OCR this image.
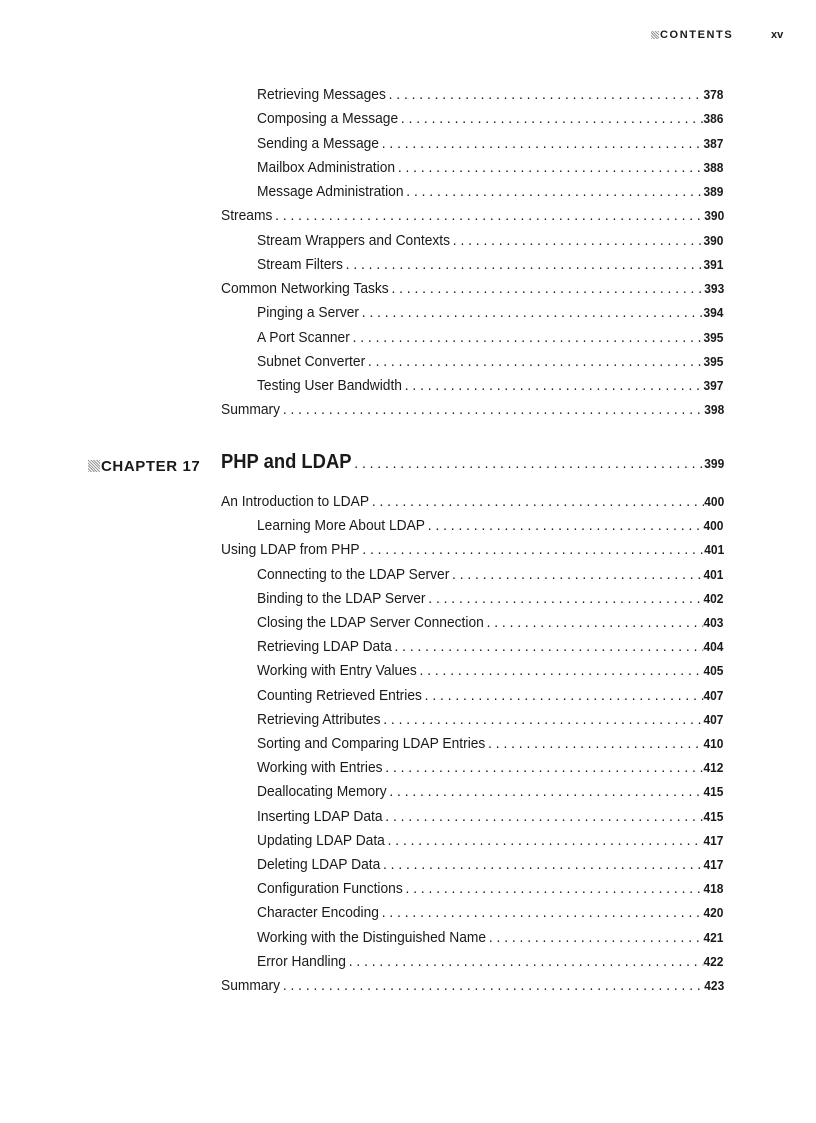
CONTENTS	xv
Retrieving Messages . . .	378
Composing a Message . . .	386
Sending a Message . . .	387
Mailbox Administration . . .	388
Message Administration . . .	389
Streams . . .	390
Stream Wrappers and Contexts . . .	390
Stream Filters . . .	391
Common Networking Tasks . . .	393
Pinging a Server . . .	394
A Port Scanner . . .	395
Subnet Converter . . .	395
Testing User Bandwidth . . .	397
Summary . . .	398
CHAPTER 17 PHP and LDAP . . .	399
An Introduction to LDAP . . .	400
Learning More About LDAP . . .	400
Using LDAP from PHP . . .	401
Connecting to the LDAP Server . . .	401
Binding to the LDAP Server . . .	402
Closing the LDAP Server Connection . . .	403
Retrieving LDAP Data . . .	404
Working with Entry Values . . .	405
Counting Retrieved Entries . . .	407
Retrieving Attributes . . .	407
Sorting and Comparing LDAP Entries . . .	410
Working with Entries . . .	412
Deallocating Memory . . .	415
Inserting LDAP Data . . .	415
Updating LDAP Data . . .	417
Deleting LDAP Data . . .	417
Configuration Functions . . .	418
Character Encoding . . .	420
Working with the Distinguished Name . . .	421
Error Handling . . .	422
Summary . . .	423
